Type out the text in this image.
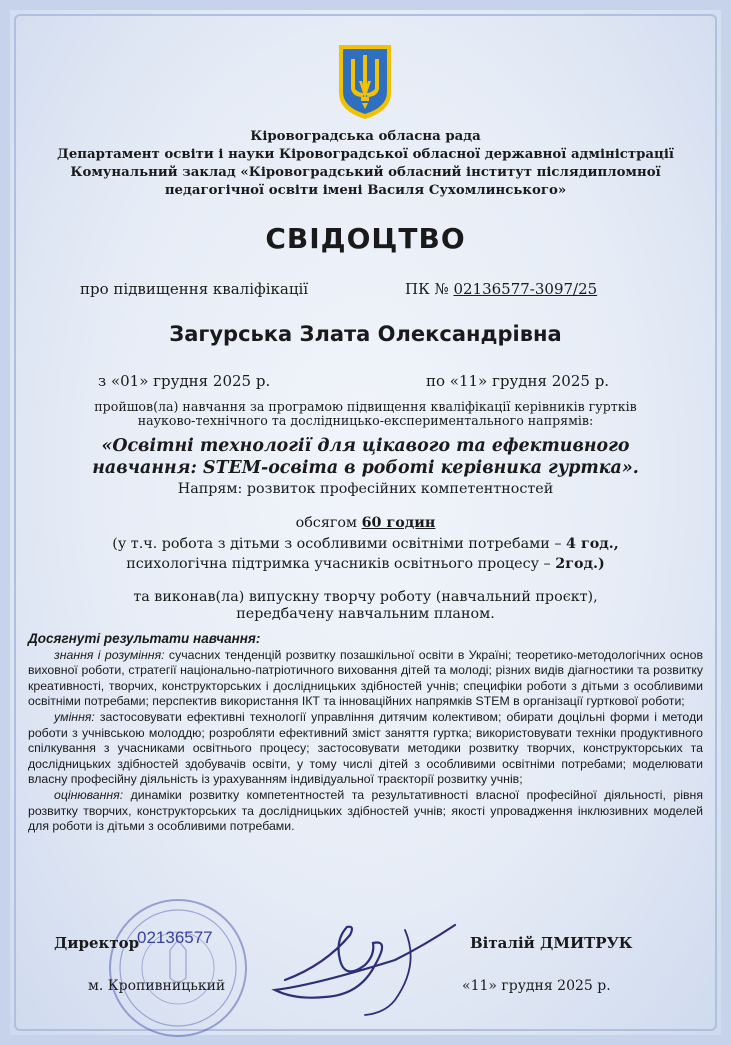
Кіровоградська обласна рада
Департамент освіти і науки Кіровоградської обласної державної адміністрації
Комунальний заклад «Кіровоградський обласний інститут післядипломної
педагогічної освіти імені Василя Сухомлинського»
СВІДОЦТВО
про підвищення кваліфікації	ПК № 02136577-3097/25
Загурська Злата Олександрівна
з «01» грудня 2025 р.	по «11» грудня 2025 р.
пройшов(ла) навчання за програмою підвищення кваліфікації керівників гуртків
науково-технічного та дослідницько-експериментального напрямів:
«Освітні технології для цікавого та ефективного
навчання: STEM-освіта в роботі керівника гуртка».
Напрям: розвиток професійних компетентностей
обсягом 60 годин
(у т.ч. робота з дітьми з особливими освітніми потребами – 4 год.,
психологічна підтримка учасників освітнього процесу – 2год.)
та виконав(ла) випускну творчу роботу (навчальний проєкт),
передбачену навчальним планом.

Досягнуті результати навчання:

знання і розуміння: сучасних тенденцій розвитку позашкільної освіти в Україні; теоретико-методологічних основ виховної роботи, стратегії національно-патріотичного виховання дітей та молоді; різних видів діагностики та розвитку креативності, творчих, конструкторських і дослідницьких здібностей учнів; специфіки роботи з дітьми з особливими освітніми потребами; перспектив використання ІКТ та інноваційних напрямків STEM в організації гурткової роботи;

уміння: застосовувати ефективні технології управління дитячим колективом; обирати доцільні форми і методи роботи з учнівською молоддю; розробляти ефективний зміст заняття гуртка; використовувати техніки продуктивного спілкування з учасниками освітнього процесу; застосовувати методики розвитку творчих, конструкторських та дослідницьких здібностей здобувачів освіти, у тому числі дітей з особливими освітніми потребами; моделювати власну професійну діяльність із урахуванням індивідуальної траєкторії розвитку учнів;

оцінювання: динаміки розвитку компетентностей та результативності власної професійної діяльності, рівня розвитку творчих, конструкторських та дослідницьких здібностей учнів; якості упровадження інклюзивних моделей для роботи із дітьми з особливими потребами.

02136577
Директор	Віталій ДМИТРУК
м. Кропивницький	«11» грудня 2025 р.
